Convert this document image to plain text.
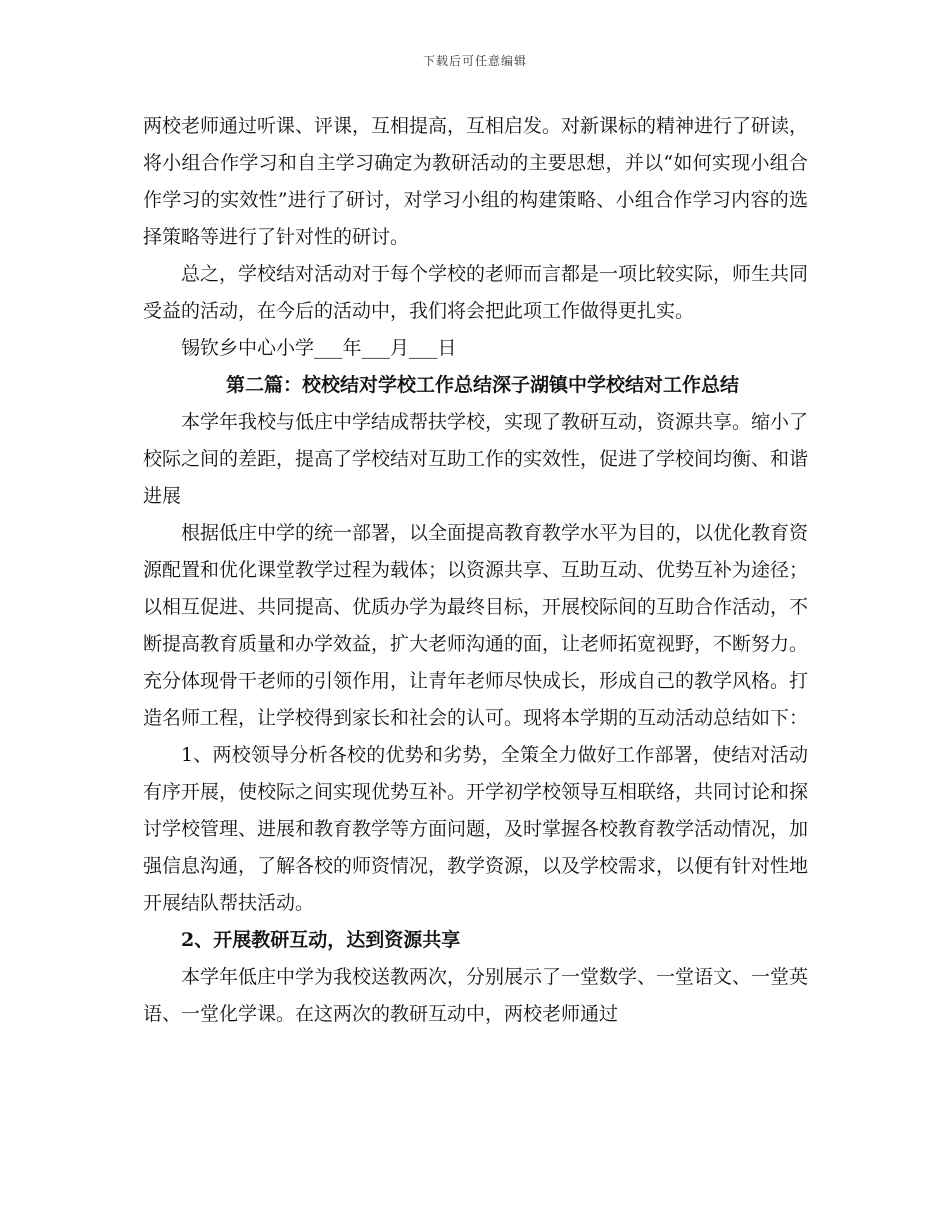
下载后可任意编辑

两校老师通过听课、评课，互相提高，互相启发。对新课标的精神进行了研读，将小组合作学习和自主学习确定为教研活动的主要思想，并以“如何实现小组合作学习的实效性”进行了研讨，对学习小组的构建策略、小组合作学习内容的选择策略等进行了针对性的研讨。

总之，学校结对活动对于每个学校的老师而言都是一项比较实际，师生共同受益的活动，在今后的活动中，我们将会把此项工作做得更扎实。

锡钦乡中心小学___年___月___日

第二篇：校校结对学校工作总结深子湖镇中学校结对工作总结

本学年我校与低庄中学结成帮扶学校，实现了教研互动，资源共享。缩小了校际之间的差距，提高了学校结对互助工作的实效性，促进了学校间均衡、和谐进展

根据低庄中学的统一部署，以全面提高教育教学水平为目的，以优化教育资源配置和优化课堂教学过程为载体；以资源共享、互助互动、优势互补为途径；以相互促进、共同提高、优质办学为最终目标，开展校际间的互助合作活动，不断提高教育质量和办学效益，扩大老师沟通的面，让老师拓宽视野，不断努力。充分体现骨干老师的引领作用，让青年老师尽快成长，形成自己的教学风格。打造名师工程，让学校得到家长和社会的认可。现将本学期的互动活动总结如下：

1、两校领导分析各校的优势和劣势，全策全力做好工作部署，使结对活动有序开展，使校际之间实现优势互补。开学初学校领导互相联络，共同讨论和探讨学校管理、进展和教育教学等方面问题，及时掌握各校教育教学活动情况，加强信息沟通，了解各校的师资情况，教学资源，以及学校需求，以便有针对性地开展结队帮扶活动。

2、开展教研互动，达到资源共享

本学年低庄中学为我校送教两次，分别展示了一堂数学、一堂语文、一堂英语、一堂化学课。在这两次的教研互动中，两校老师通过
